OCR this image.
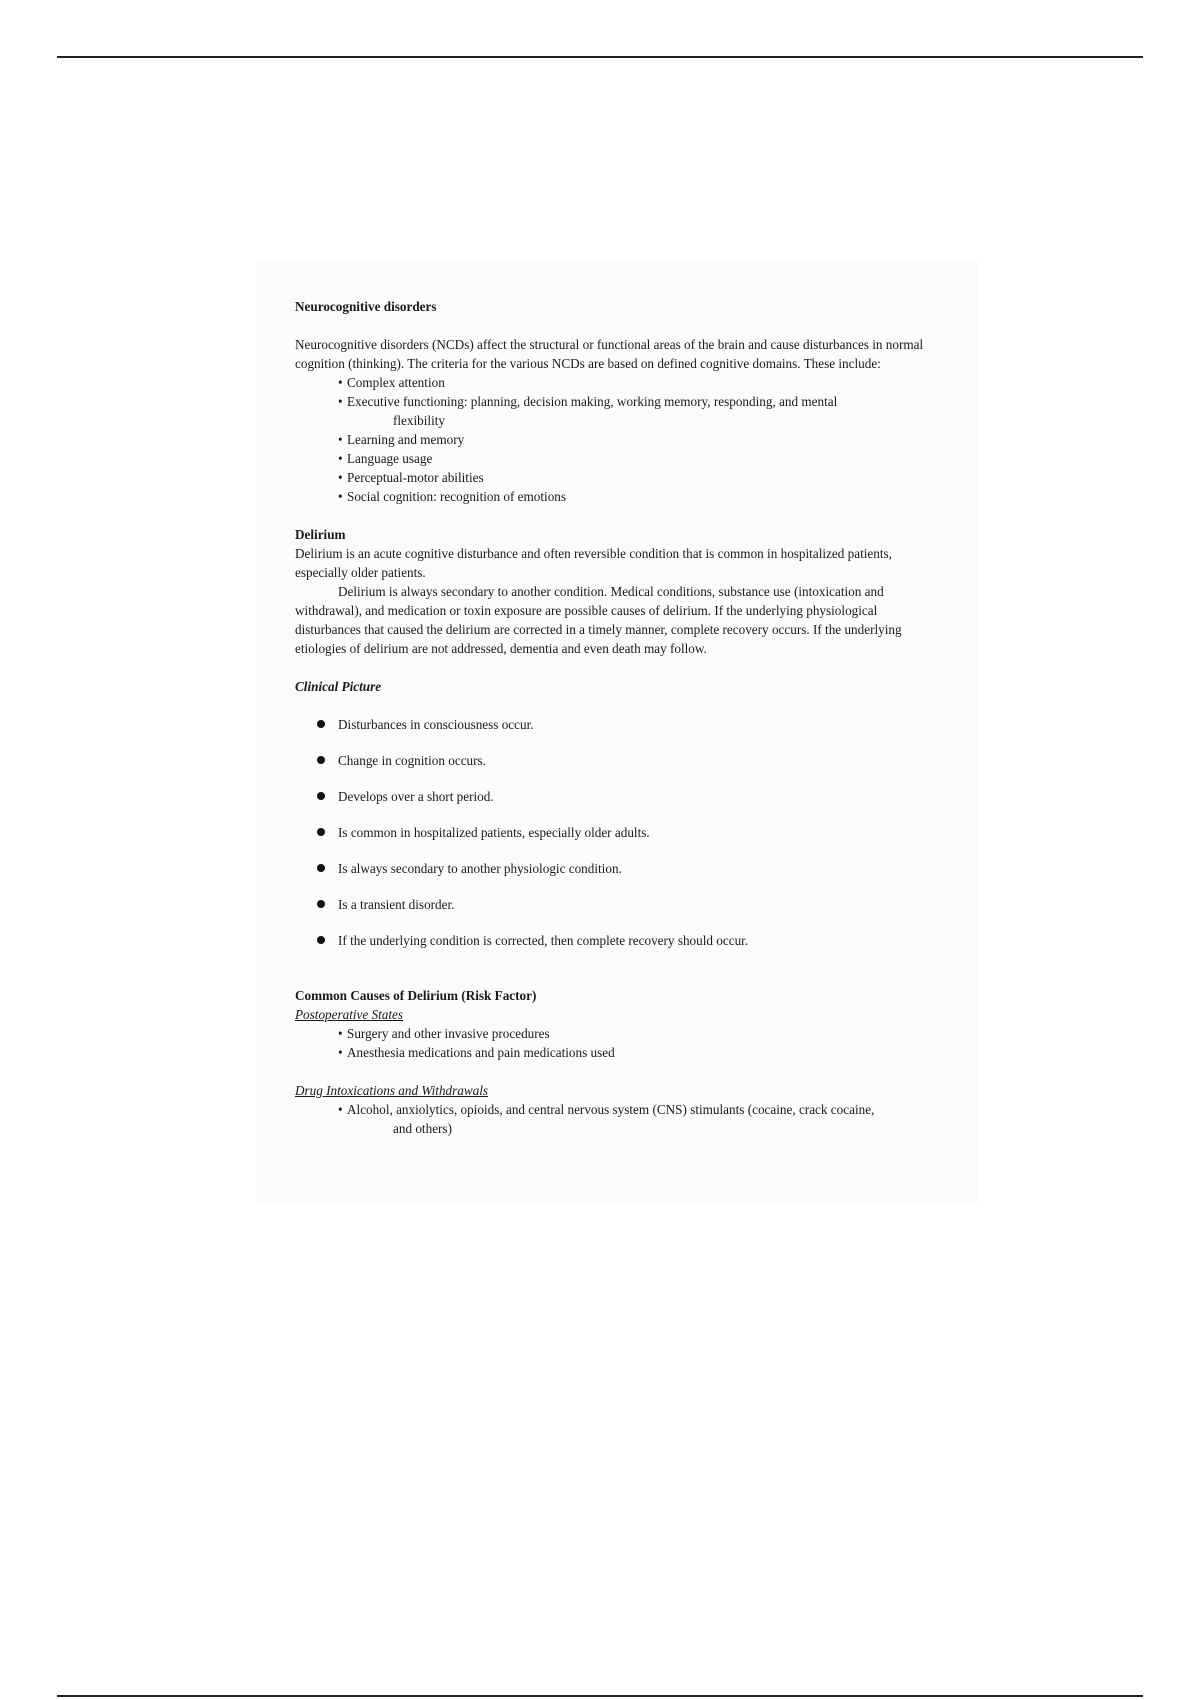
Neurocognitive disorders

Neurocognitive disorders (NCDs) affect the structural or functional areas of the brain and cause disturbances in normal cognition (thinking). The criteria for the various NCDs are based on defined cognitive domains. These include:

• Complex attention
• Executive functioning: planning, decision making, working memory, responding, and mental
flexibility
• Learning and memory
• Language usage
• Perceptual-motor abilities
• Social cognition: recognition of emotions

Delirium

Delirium is an acute cognitive disturbance and often reversible condition that is common in hospitalized patients, especially older patients.

Delirium is always secondary to another condition. Medical conditions, substance use (intoxication and withdrawal), and medication or toxin exposure are possible causes of delirium. If the underlying physiological disturbances that caused the delirium are corrected in a timely manner, complete recovery occurs. If the underlying etiologies of delirium are not addressed, dementia and even death may follow.

Clinical Picture

Disturbances in consciousness occur.
Change in cognition occurs.
Develops over a short period.
Is common in hospitalized patients, especially older adults.
Is always secondary to another physiologic condition.
Is a transient disorder.
If the underlying condition is corrected, then complete recovery should occur.

Common Causes of Delirium (Risk Factor)

Postoperative States

• Surgery and other invasive procedures
• Anesthesia medications and pain medications used

Drug Intoxications and Withdrawals

• Alcohol, anxiolytics, opioids, and central nervous system (CNS) stimulants (cocaine, crack cocaine,
and others)
